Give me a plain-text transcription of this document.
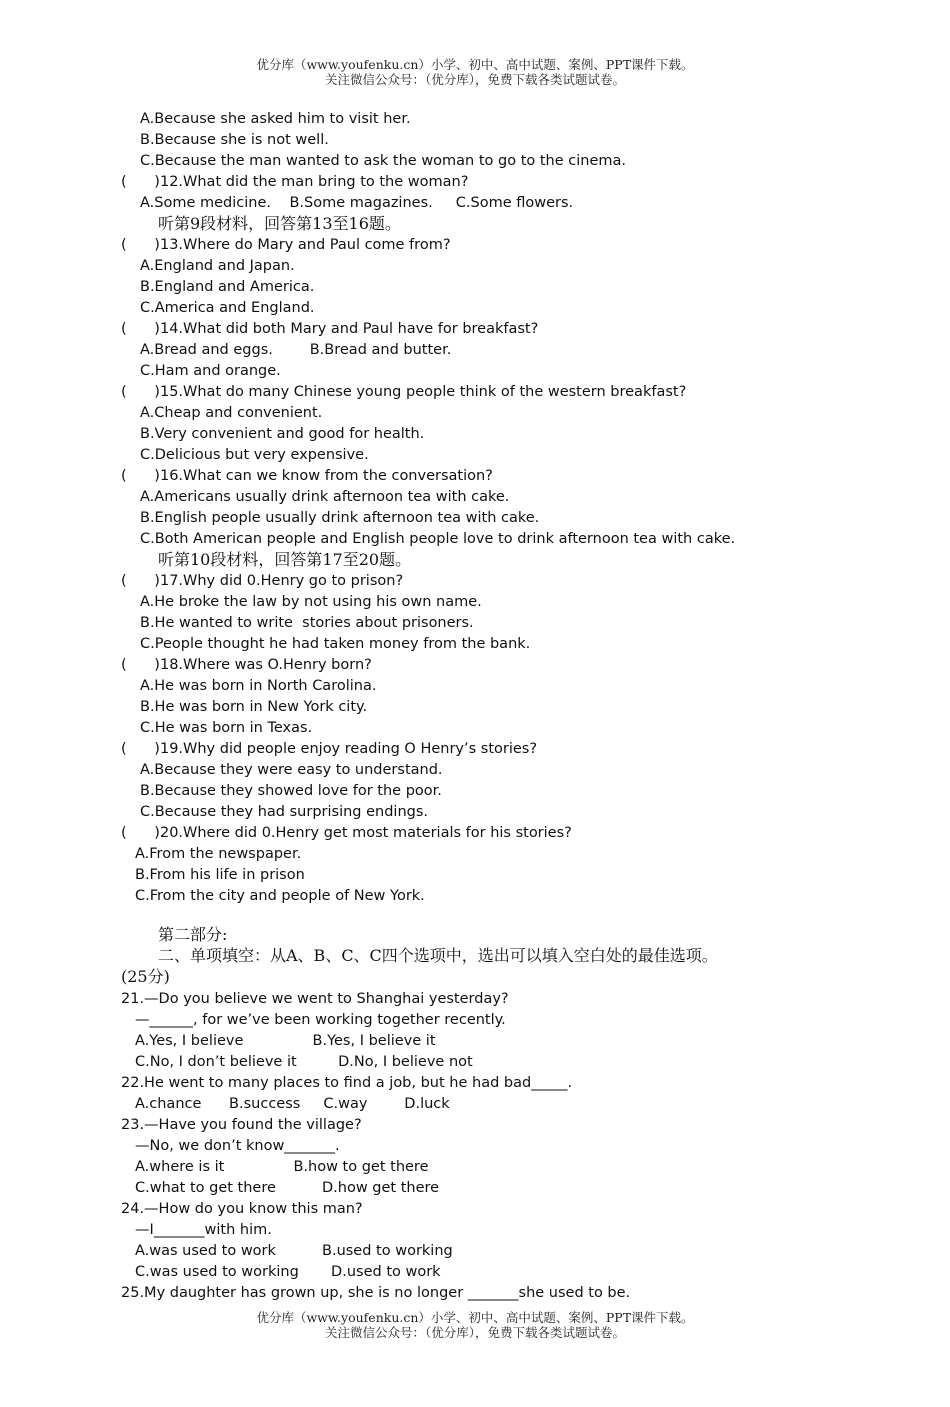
优分库（www.youfenku.cn）小学、初中、高中试题、案例、PPT课件下载。
关注微信公众号：（优分库），免费下载各类试题试卷。
A.Because she asked him to visit her.
B.Because she is not well.
C.Because the man wanted to ask the woman to go to the cinema.
(      )12.What did the man bring to the woman?
A.Some medicine.    B.Some magazines.     C.Some flowers.
听第9段材料，回答第13至16题。
(      )13.Where do Mary and Paul come from?
A.England and Japan.
B.England and America.
C.America and England.
(      )14.What did both Mary and Paul have for breakfast?
A.Bread and eggs.        B.Bread and butter.
C.Ham and orange.
(      )15.What do many Chinese young people think of the western breakfast?
A.Cheap and convenient.
B.Very convenient and good for health.
C.Delicious but very expensive.
(      )16.What can we know from the conversation?
A.Americans usually drink afternoon tea with cake.
B.English people usually drink afternoon tea with cake.
C.Both American people and English people love to drink afternoon tea with cake.
听第10段材料，回答第17至20题。
(      )17.Why did 0.Henry go to prison?
A.He broke the law by not using his own name.
B.He wanted to write  stories about prisoners.
C.People thought he had taken money from the bank.
(      )18.Where was O.Henry born?
A.He was born in North Carolina.
B.He was born in New York city.
C.He was born in Texas.
(      )19.Why did people enjoy reading O Henry’s stories?
A.Because they were easy to understand.
B.Because they showed love for the poor.
C.Because they had surprising endings.
(      )20.Where did 0.Henry get most materials for his stories?
A.From the newspaper.
B.From his life in prison
C.From the city and people of New York.
第二部分:
二、单项填空：从A、B、C、C四个选项中，选出可以填入空白处的最佳选项。
(25分)
21.—Do you believe we went to Shanghai yesterday?
—______, for we’ve been working together recently.
A.Yes, I believe               B.Yes, I believe it
C.No, I don’t believe it         D.No, I believe not
22.He went to many places to find a job, but he had bad_____.
A.chance      B.success     C.way        D.luck
23.—Have you found the village?
—No, we don’t know_______.
A.where is it               B.how to get there
C.what to get there          D.how get there
24.—How do you know this man?
—I_______with him.
A.was used to work          B.used to working
C.was used to working       D.used to work
25.My daughter has grown up, she is no longer _______she used to be.
优分库（www.youfenku.cn）小学、初中、高中试题、案例、PPT课件下载。
关注微信公众号：（优分库），免费下载各类试题试卷。
